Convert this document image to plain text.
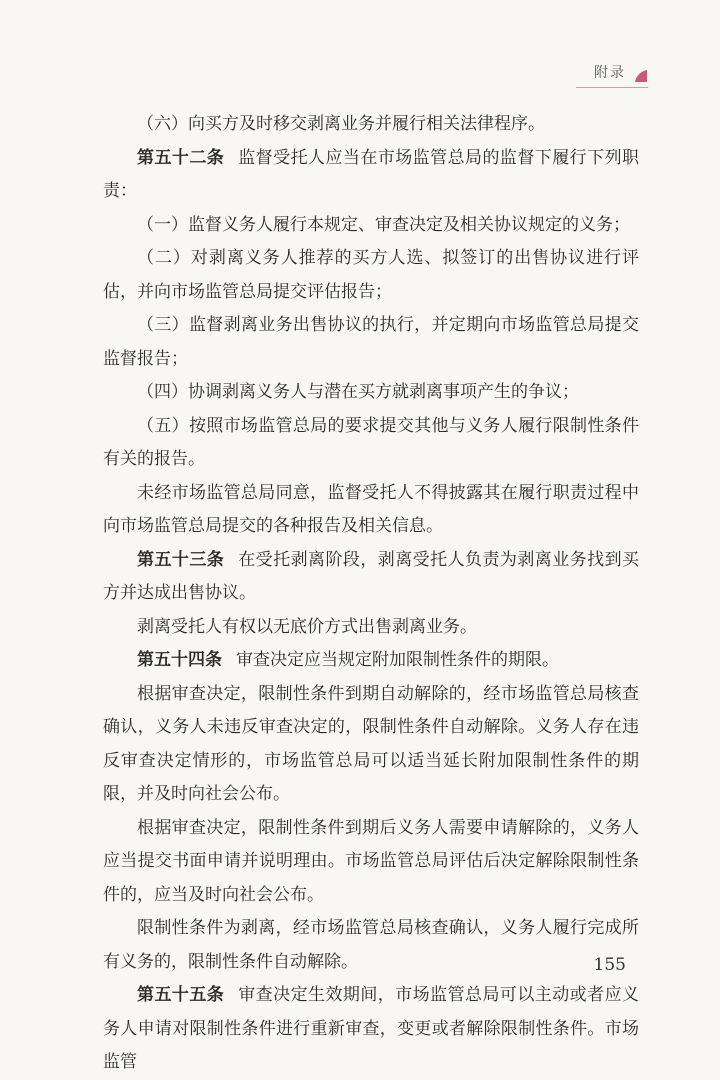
附录

（六）向买方及时移交剥离业务并履行相关法律程序。

第五十二条 监督受托人应当在市场监管总局的监督下履行下列职责：

（一）监督义务人履行本规定、审查决定及相关协议规定的义务；

（二）对剥离义务人推荐的买方人选、拟签订的出售协议进行评估，并向市场监管总局提交评估报告；

（三）监督剥离业务出售协议的执行，并定期向市场监管总局提交监督报告；

（四）协调剥离义务人与潜在买方就剥离事项产生的争议；

（五）按照市场监管总局的要求提交其他与义务人履行限制性条件有关的报告。

未经市场监管总局同意，监督受托人不得披露其在履行职责过程中向市场监管总局提交的各种报告及相关信息。

第五十三条 在受托剥离阶段，剥离受托人负责为剥离业务找到买方并达成出售协议。

剥离受托人有权以无底价方式出售剥离业务。

第五十四条 审查决定应当规定附加限制性条件的期限。

根据审查决定，限制性条件到期自动解除的，经市场监管总局核查确认，义务人未违反审查决定的，限制性条件自动解除。义务人存在违反审查决定情形的，市场监管总局可以适当延长附加限制性条件的期限，并及时向社会公布。

根据审查决定，限制性条件到期后义务人需要申请解除的，义务人应当提交书面申请并说明理由。市场监管总局评估后决定解除限制性条件的，应当及时向社会公布。

限制性条件为剥离，经市场监管总局核查确认，义务人履行完成所有义务的，限制性条件自动解除。

第五十五条 审查决定生效期间，市场监管总局可以主动或者应义务人申请对限制性条件进行重新审查，变更或者解除限制性条件。市场监管

155
